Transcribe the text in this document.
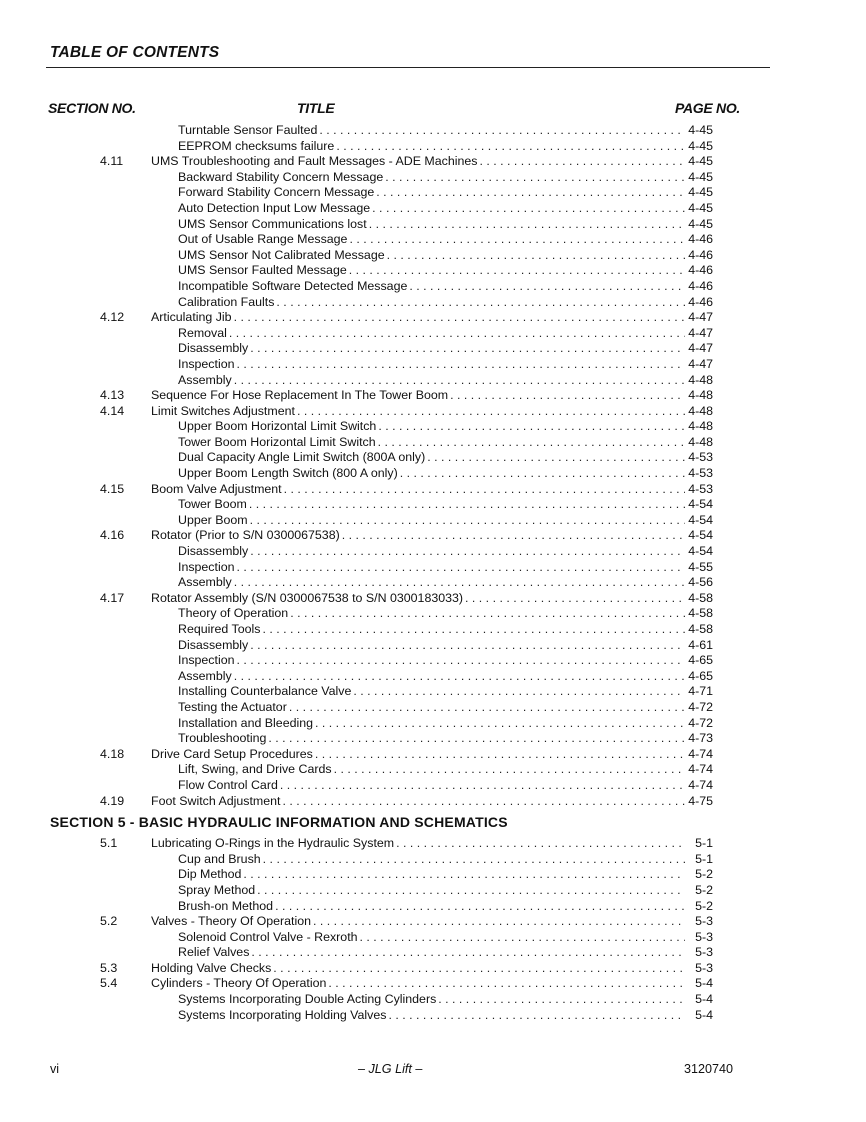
TABLE OF CONTENTS
SECTION NO.	TITLE	PAGE NO.
Turntable Sensor Faulted . . .	4-45
EEPROM checksums failure . . .	4-45
4.11 UMS Troubleshooting and Fault Messages - ADE Machines . . .	4-45
Backward Stability Concern Message . . .	4-45
Forward Stability Concern Message . . .	4-45
Auto Detection Input Low Message . . .	4-45
UMS Sensor Communications lost . . .	4-45
Out of Usable Range Message . . .	4-46
UMS Sensor Not Calibrated Message . . .	4-46
UMS Sensor Faulted Message . . .	4-46
Incompatible Software Detected Message . . .	4-46
Calibration Faults . . .	4-46
4.12 Articulating Jib . . .	4-47
Removal . . .	4-47
Disassembly . . .	4-47
Inspection . . .	4-47
Assembly . . .	4-48
4.13 Sequence For Hose Replacement In The Tower Boom . . .	4-48
4.14 Limit Switches Adjustment . . .	4-48
Upper Boom Horizontal Limit Switch . . .	4-48
Tower Boom Horizontal Limit Switch . . .	4-48
Dual Capacity Angle Limit Switch (800A only) . . .	4-53
Upper Boom Length Switch (800 A only) . . .	4-53
4.15 Boom Valve Adjustment . . .	4-53
Tower Boom . . .	4-54
Upper Boom . . .	4-54
4.16 Rotator (Prior to S/N 0300067538) . . .	4-54
Disassembly . . .	4-54
Inspection . . .	4-55
Assembly . . .	4-56
4.17 Rotator Assembly (S/N 0300067538 to S/N 0300183033) . . .	4-58
Theory of Operation . . .	4-58
Required Tools . . .	4-58
Disassembly . . .	4-61
Inspection . . .	4-65
Assembly . . .	4-65
Installing Counterbalance Valve . . .	4-71
Testing the Actuator . . .	4-72
Installation and Bleeding . . .	4-72
Troubleshooting . . .	4-73
4.18 Drive Card Setup Procedures . . .	4-74
Lift, Swing, and Drive Cards . . .	4-74
Flow Control Card . . .	4-74
4.19 Foot Switch Adjustment . . .	4-75
SECTION 5 - BASIC HYDRAULIC INFORMATION AND SCHEMATICS
5.1	Lubricating O-Rings in the Hydraulic System . . .	5-1
Cup and Brush . . .	5-1
Dip Method . . .	5-2
Spray Method . . .	5-2
Brush-on Method . . .	5-2
5.2	Valves - Theory Of Operation . . .	5-3
Solenoid Control Valve - Rexroth . . .	5-3
Relief Valves . . .	5-3
5.3	Holding Valve Checks . . .	5-3
5.4	Cylinders - Theory Of Operation . . .	5-4
Systems Incorporating Double Acting Cylinders . . .	5-4
Systems Incorporating Holding Valves . . .	5-4
vi	– JLG Lift –	3120740
